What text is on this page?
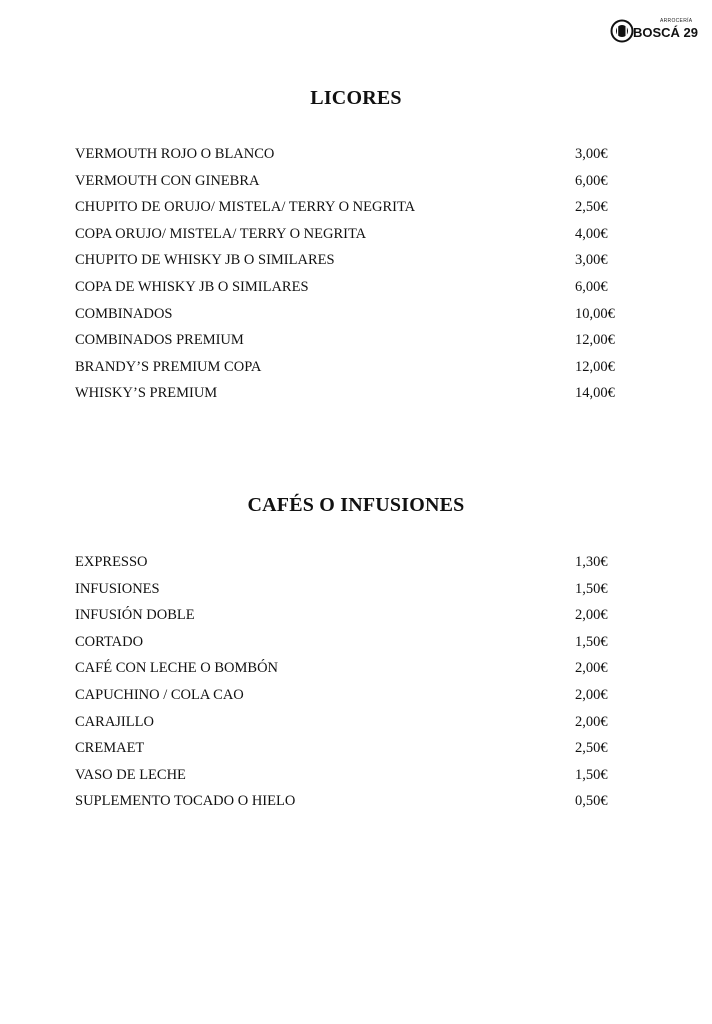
ARROCERÍA
BOSCÁ 29
LICORES
VERMOUTH ROJO O BLANCO	3,00€
VERMOUTH CON GINEBRA	6,00€
CHUPITO DE ORUJO/ MISTELA/ TERRY O NEGRITA	2,50€
COPA ORUJO/ MISTELA/ TERRY O NEGRITA	4,00€
CHUPITO DE WHISKY JB O SIMILARES	3,00€
COPA DE WHISKY JB O SIMILARES	6,00€
COMBINADOS	10,00€
COMBINADOS PREMIUM	12,00€
BRANDY’S PREMIUM COPA	12,00€
WHISKY’S PREMIUM	14,00€
CAFÉS O INFUSIONES
EXPRESSO	1,30€
INFUSIONES	1,50€
INFUSIÓN DOBLE	2,00€
CORTADO	1,50€
CAFÉ CON LECHE O BOMBÓN	2,00€
CAPUCHINO / COLA CAO	2,00€
CARAJILLO	2,00€
CREMAET	2,50€
VASO DE LECHE	1,50€
SUPLEMENTO TOCADO O HIELO	0,50€
